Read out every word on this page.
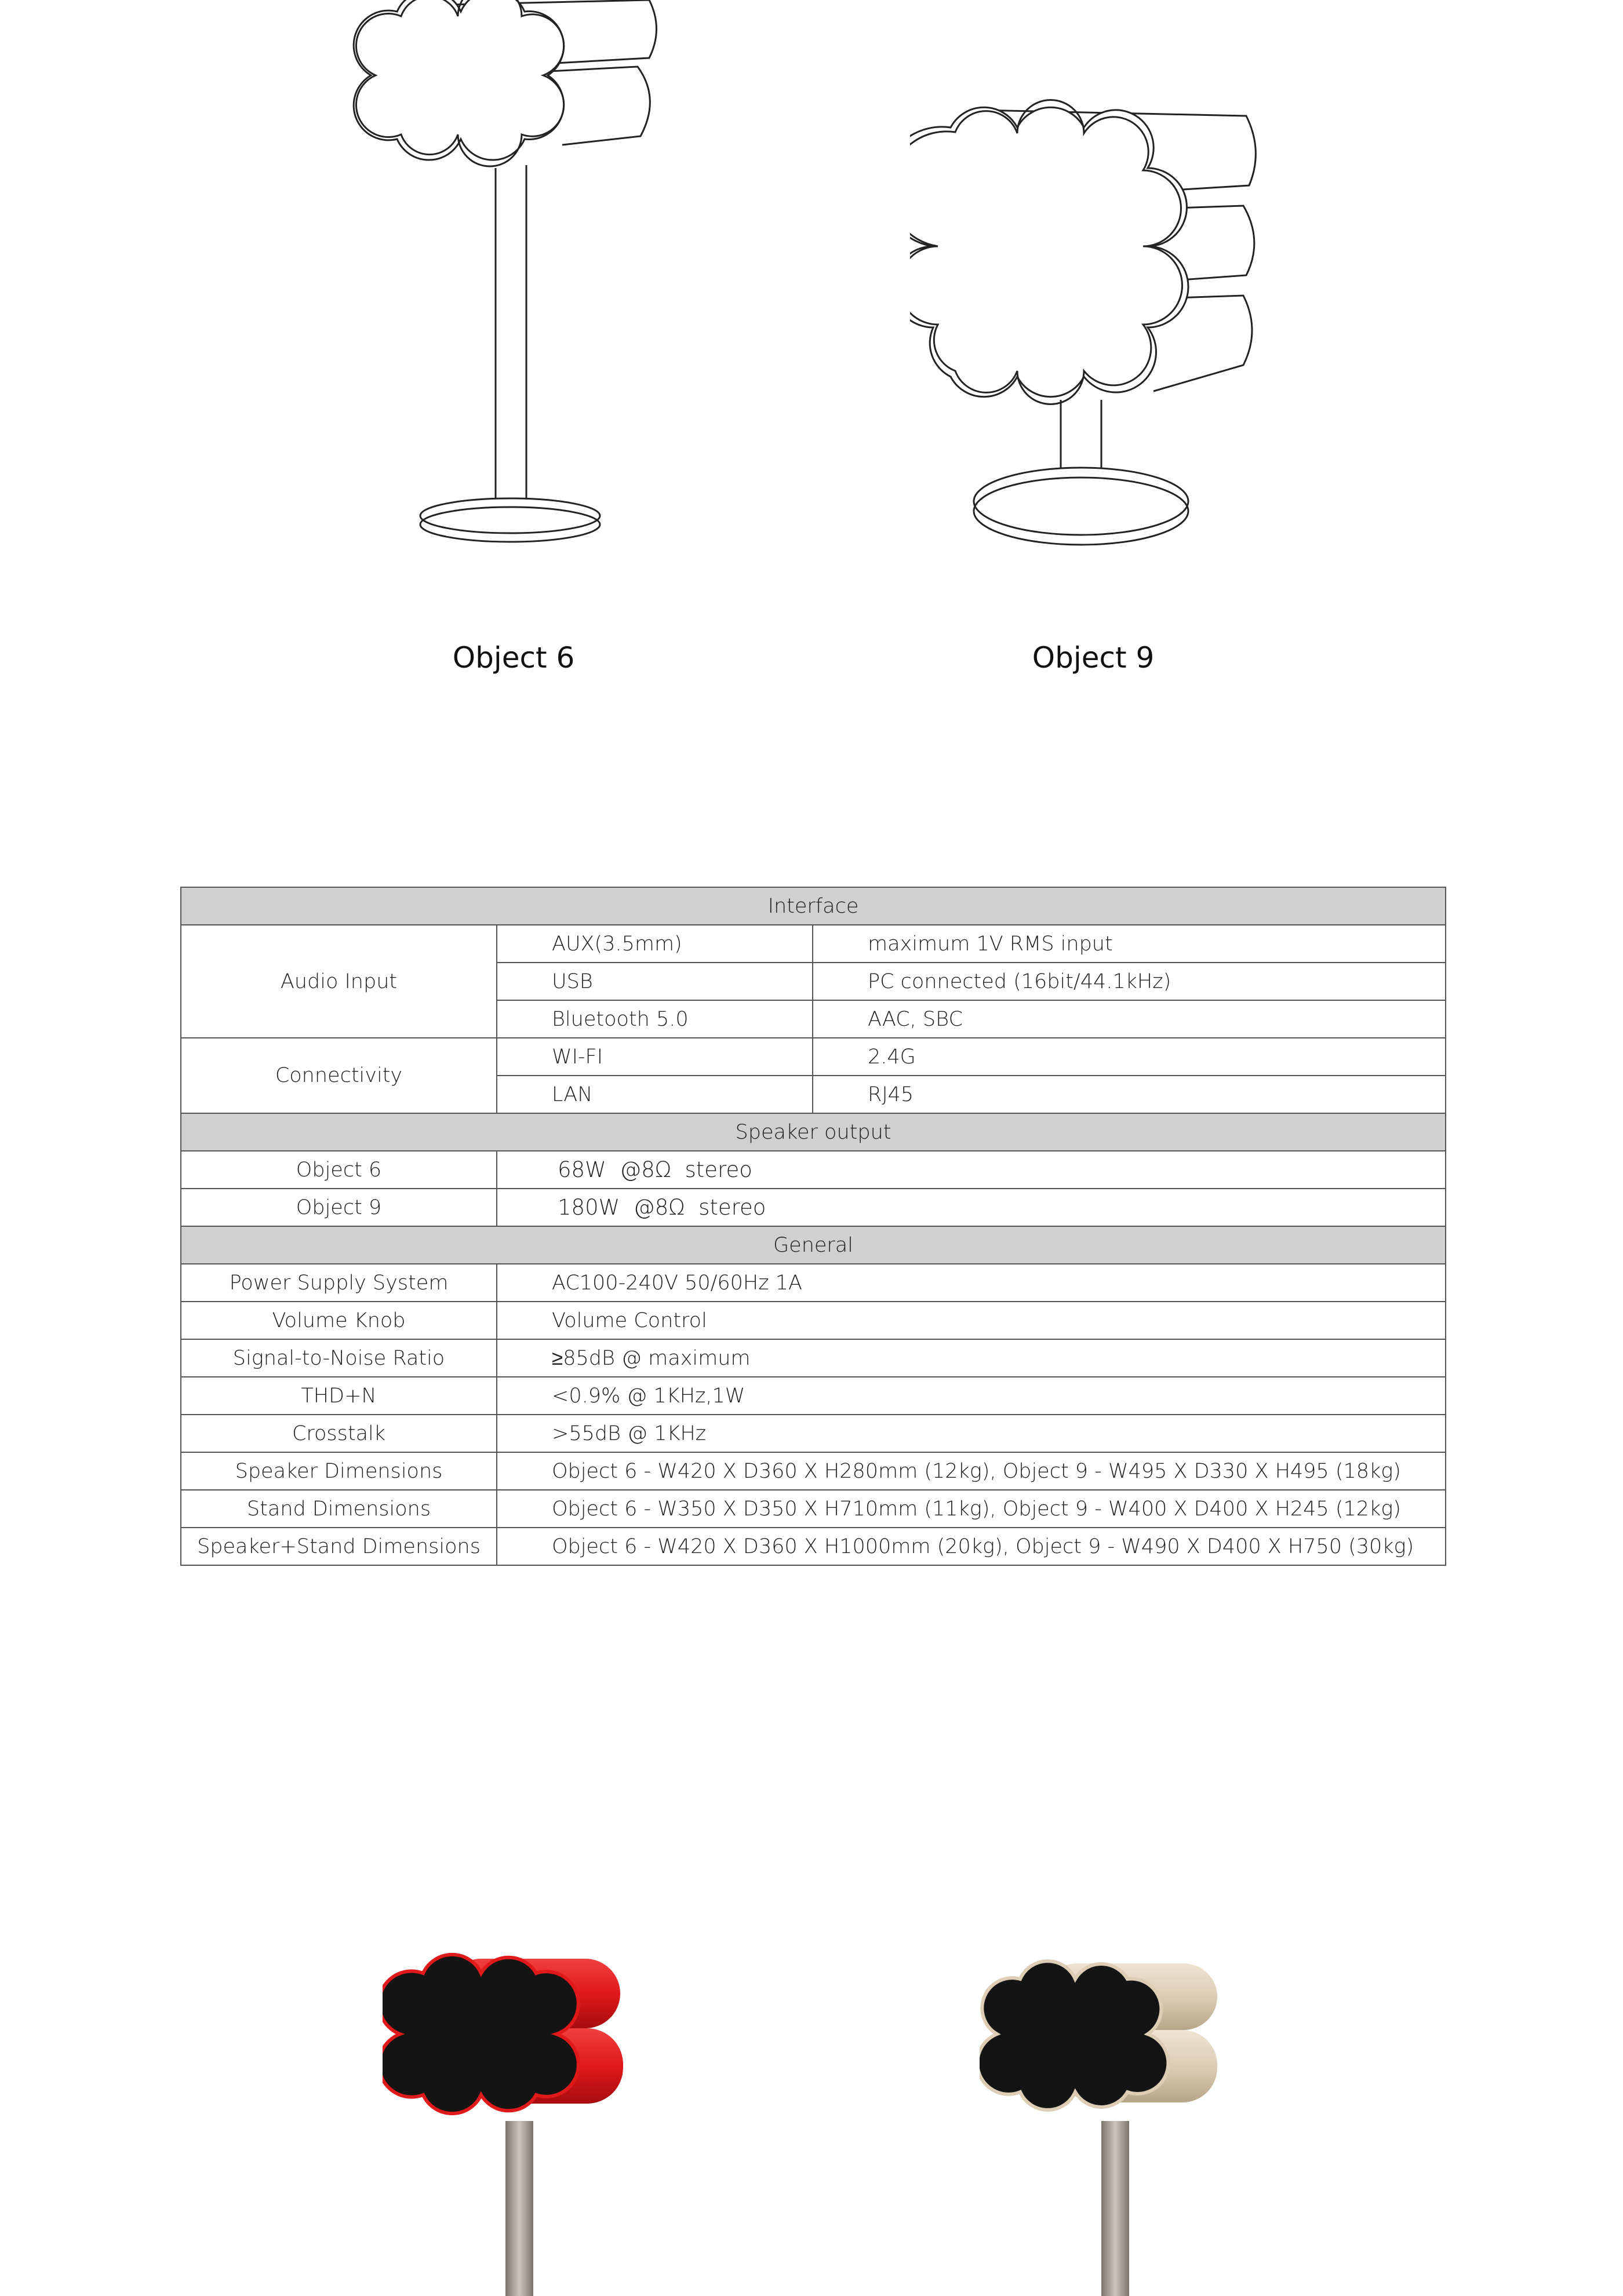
Object 6	Object 9
Interface		
Audio Input	AUX(3.5mm)	maximum 1V RMS input
	USB	PC connected (16bit/44.1kHz)
	Bluetooth 5.0	AAC, SBC
Connectivity	WI-FI	2.4G
	LAN	RJ45
Speaker output		
Object 6	68W  @8Ω  stereo	
Object 9	180W  @8Ω  stereo	
General		
Power Supply System	AC100-240V 50/60Hz 1A	
Volume Knob	Volume Control	
Signal-to-Noise Ratio	≥85dB @ maximum	
THD+N	<0.9% @ 1KHz,1W	
Crosstalk	>55dB @ 1KHz	
Speaker Dimensions	Object 6 - W420 X D360 X H280mm (12kg), Object 9 - W495 X D330 X H495 (18kg)	
Stand Dimensions	Object 6 - W350 X D350 X H710mm (11kg), Object 9 - W400 X D400 X H245 (12kg)	
Speaker+Stand Dimensions	Object 6 - W420 X D360 X H1000mm (20kg), Object 9 - W490 X D400 X H750 (30kg)	
